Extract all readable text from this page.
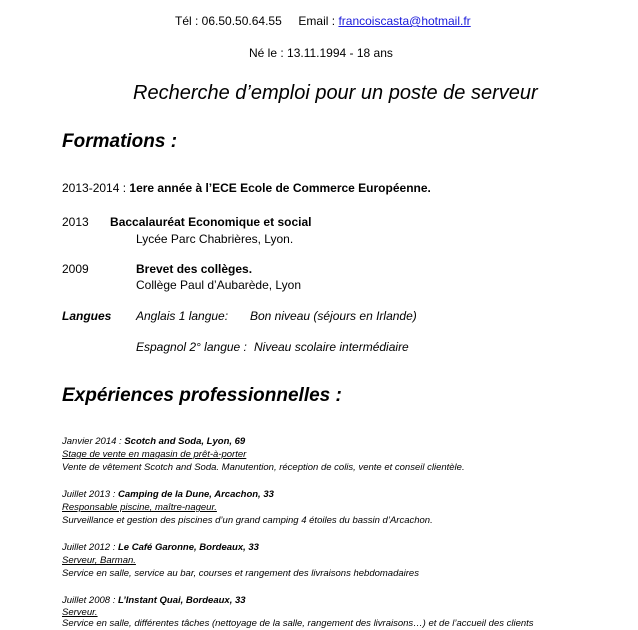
Tél : 06.50.50.64.55 Email : francoiscasta@hotmail.fr
Né le : 13.11.1994 - 18 ans
Recherche d’emploi pour un poste de serveur
Formations :
2013-2014 : 1ere année à l’ECE Ecole de Commerce Européenne.
2013 Baccalauréat Economique et social
Lycée Parc Chabrières, Lyon.
2009	Brevet des collèges.
Collège Paul d’Aubarède, Lyon
Langues Anglais 1 langue: Bon niveau (séjours en Irlande)
Espagnol 2° langue : Niveau scolaire intermédiaire
Expériences professionnelles :
Janvier 2014 : Scotch and Soda, Lyon, 69
Stage de vente en magasin de prêt-à-porter
Vente de vêtement Scotch and Soda. Manutention, réception de colis, vente et conseil clientèle.
Juillet 2013 : Camping de la Dune, Arcachon, 33
Responsable piscine, maître-nageur.
Surveillance et gestion des piscines d’un grand camping 4 étoiles du bassin d’Arcachon.
Juillet 2012 : Le Café Garonne, Bordeaux, 33
Serveur, Barman.
Service en salle, service au bar, courses et rangement des livraisons hebdomadaires
Juillet 2008 : L’Instant Quai, Bordeaux, 33
Serveur.
Service en salle, différentes tâches (nettoyage de la salle, rangement des livraisons…) et de l’accueil des clients
